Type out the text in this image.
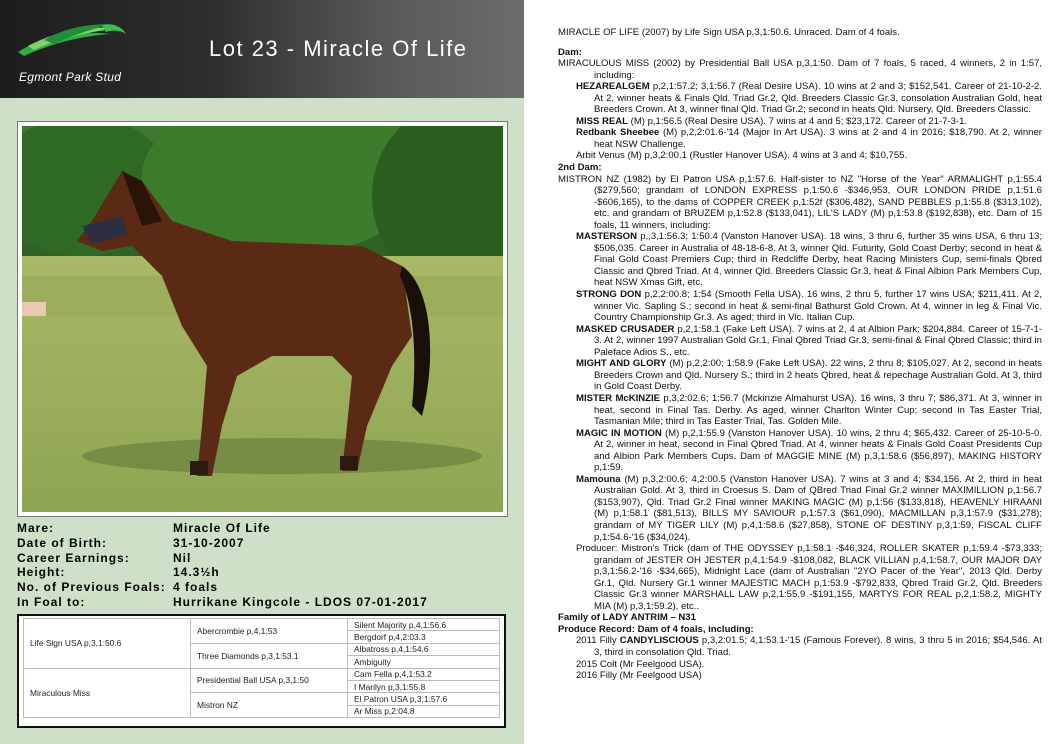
Egmont Park Stud
Lot 23 - Miracle Of Life
Mare:	Miracle Of Life
Date of Birth:	31-10-2007
Career Earnings:	Nil
Height:	14.3½h
No. of Previous Foals: 4 foals
In Foal to:	Hurrikane Kingcole - LDOS 07-01-2017
Life Sign USA p,3,1:50.6	Abercrombie p,4,1:53	Silent Majority p,4,1:56.6
		Bergdorf p,4,2:03.3
	Three Diamonds p,3,1:53.1	Albatross p,4,1:54.6
		Ambiguity
Miraculous Miss	Presidential Ball USA p,3,1:50	Cam Fella p,4,1:53.2
		I Marilyn p,3,1:55.8
	Mistron NZ	El Patron USA p,3,1:57.6
		Ar Miss p,2:04.8

MIRACLE OF LIFE (2007) by Life Sign USA p,3,1:50.6. Unraced. Dam of 4 foals.

Dam:

MIRACULOUS MISS (2002) by Presidential Ball USA p,3,1:50. Dam of 7 foals, 5 raced, 4 winners, 2 in 1:57, including:

HEZAREALGEM p,2,1:57.2; 3,1:56.7 (Real Desire USA). 10 wins at 2 and 3; $152,541. Career of 21-10-2-2. At 2, winner heats & Finals Qld. Triad Gr.2, Qld. Breeders Classic Gr.3, consolation Australian Gold, heat Breeders Crown. At 3, winner final Qld. Triad Gr.2; second in heats Qld. Nursery, Qld. Breeders Classic.

MISS REAL (M) p,1:56.5 (Real Desire USA). 7 wins at 4 and 5; $23,172. Career of 21-7-3-1.

Redbank Sheebee (M) p,2,2:01.6-'14 (Major In Art USA). 3 wins at 2 and 4 in 2016; $18,790. At 2, winner heat NSW Challenge.

Arbit Venus (M) p,3,2:00.1 (Rustler Hanover USA). 4 wins at 3 and 4; $10,755.

2nd Dam:

MISTRON NZ (1982) by El Patron USA p,1:57.6. Half-sister to NZ "Horse of the Year" ARMALIGHT p,1:55.4 ($279,560; grandam of LONDON EXPRESS p,1:50.6 -$346,953, OUR LONDON PRIDE p,1:51.6 -$606,165), to the dams of COPPER CREEK p,1:52f ($306,482), SAND PEBBLES p,1:55.8 ($313,102), etc. and grandam of BRUZEM p,1:52.8 ($133,041), LIL'S LADY (M) p,1:53.8 ($192,838), etc. Dam of 15 foals, 11 winners, including:

MASTERSON p,,3,1:56.3; 1:50.4 (Vanston Hanover USA). 18 wins, 3 thru 6, further 35 wins USA, 6 thru 13; $506,035. Career in Australia of 48-18-6-8. At 3, winner Qld. Futurity, Gold Coast Derby; second in heat & Final Gold Coast Premiers Cup; third in Redcliffe Derby, heat Racing Ministers Cup, semi-finals Qbred Classic and Qbred Triad. At 4, winner Qld. Breeders Classic Gr.3, heat & Final Albion Park Members Cup, heat NSW Xmas Gift, etc.

STRONG DON p,2,2:00.8; 1:54 (Smooth Fella USA). 16 wins, 2 thru 5, further 17 wins USA; $211,411. At 2, winner Vic. Sapling S.; second in heat & semi-final Bathurst Gold Crown. At 4, winner in leg & Final Vic. Country Championship Gr.3. As aged; third in Vic. Italian Cup.

MASKED CRUSADER p,2,1:58.1 (Fake Left USA). 7 wins at 2, 4 at Albion Park; $204,884. Career of 15-7-1-3. At 2, winner 1997 Australian Gold Gr.1, Final Qbred Triad Gr.3, semi-final & Final Qbred Classic; third in Paleface Adios S., etc.

MIGHT AND GLORY (M) p,2,2:00; 1:58.9 (Fake Left USA). 22 wins, 2 thru 8; $105,027. At 2, second in heats Breeders Crown and Qld. Nursery S.; third in 2 heats Qbred, heat & repechage Australian Gold. At 3, third in Gold Coast Derby.

MISTER McKINZIE p,3,2:02.6; 1:56.7 (Mckinzie Almahurst USA). 16 wins, 3 thru 7; $86,371. At 3, winner in heat, second in Final Tas. Derby. As aged, winner Charlton Winter Cup; second in Tas Easter Trial, Tasmanian Mile; third in Tas Easter Trial, Tas. Golden Mile.

MAGIC IN MOTION (M) p,2,1:55.9 (Vanston Hanover USA). 10 wins, 2 thru 4; $65,432. Career of 25-10-5-0. At 2, winner in heat, second in Final Qbred Triad. At 4, winner heats & Finals Gold Coast Presidents Cup and Albion Park Members Cups. Dam of MAGGIE MINE (M) p,3,1:58.6 ($56,897), MAKING HISTORY p,1:59.

Mamouna (M) p,3,2:00.6; 4,2:00.5 (Vanston Hanover USA). 7 wins at 3 and 4; $34,156. At 2, third in heat Australian Gold. At 3, third in Croesus S. Dam of QBred Triad Final Gr.2 winner MAXIMILLION p,1:56.7 ($153,907), Qld. Triad Gr.2 Final winner MAKING MAGIC (M) p,1:56 ($133,818), HEAVENLY HIRAANI (M) p,1:58.1 ($81,513), BILLS MY SAVIOUR p,1:57.3 ($61,090), MACMILLAN p,3,1:57.9 ($31,278); grandam of MY TIGER LILY (M) p,4,1:58.6 ($27,858), STONE OF DESTINY p,3,1:59, FISCAL CLIFF p,1:54.6-'16 ($34,024).

Producer: Mistron's Trick (dam of THE ODYSSEY p,1:58.1 -$46,324, ROLLER SKATER p,1:59.4 -$73,333; grandam of JESTER OH JESTER p,4,1:54.9 -$108,082, BLACK VILLIAN p,4,1:58.7, OUR MAJOR DAY p,3,1:56.2-'16 -$34,665), Midnight Lace (dam of Australian "2YO Pacer of the Year", 2013 Qld. Derby Gr.1, Qld. Nursery Gr.1 winner MAJESTIC MACH p,1:53.9 -$792,833, Qbred Traid Gr.2, Qld. Breeders Classic Gr.3 winner MARSHALL LAW p,2,1:55.9 -$191,155, MARTYS FOR REAL p,2,1:58.2, MIGHTY MIA (M) p,3,1:59.2), etc..

Family of LADY ANTRIM – N31

Produce Record: Dam of 4 foals, including:

2011 Filly CANDYLISCIOUS p,3,2:01.5; 4,1:53.1-'15 (Famous Forever). 8 wins, 3 thru 5 in 2016; $54,546. At 3, third in consolation Qld. Triad.

2015 Colt (Mr Feelgood USA).

2016 Filly (Mr Feelgood USA)
